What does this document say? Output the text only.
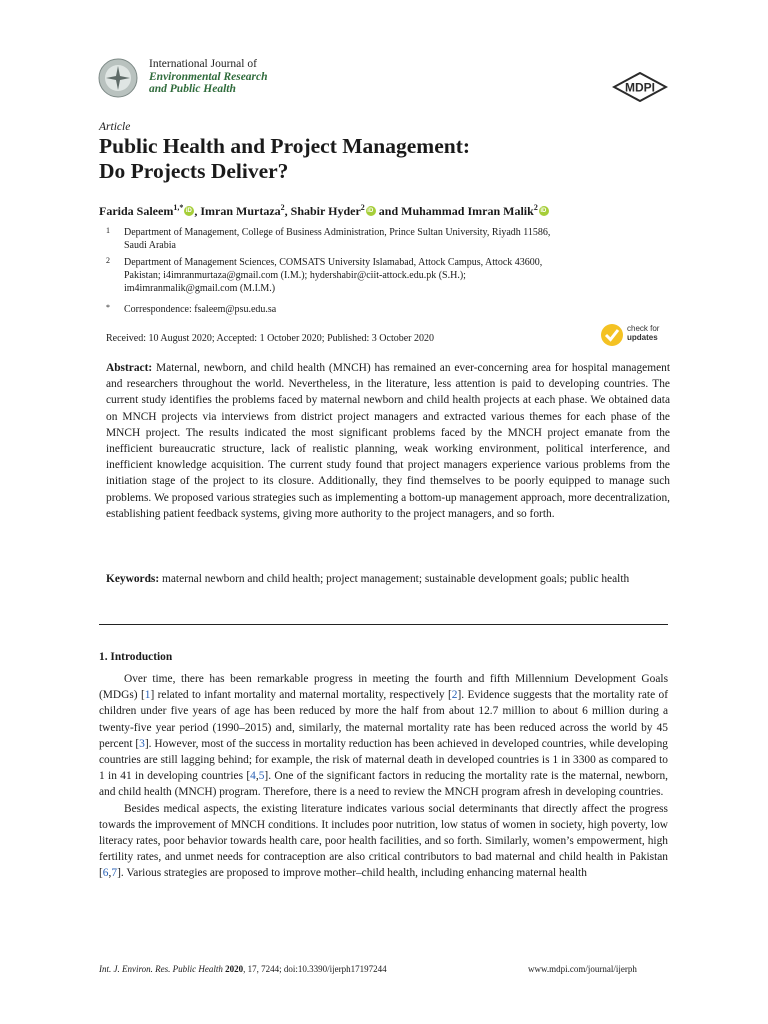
International Journal of
Environmental Research
and Public Health	MDPI
Article
Public Health and Project Management:
Do Projects Deliver?
Farida Saleem$^{1,*}$iD , Imran Murtaza$^2$, Shabir Hyder$^2$iD and Muhammad Imran Malik$^2$iD
1 Department of Management, College of Business Administration, Prince Sultan University, Riyadh 11586,
Saudi Arabia
2 Department of Management Sciences, COMSATS University Islamabad, Attock Campus, Attock 43600,
Pakistan; i4imranmurtaza@gmail.com (I.M.); hydershabir@ciit-attock.edu.pk (S.H.);
im4imranmalik@gmail.com (M.I.M.)
* Correspondence: fsaleem@psu.edu.sa
Received: 10 August 2020; Accepted: 1 October 2020; Published: 3 October 2020
check for
updates
Abstract: Maternal, newborn, and child health (MNCH) has remained an ever-concerning area for hospital management and researchers throughout the world. Nevertheless, in the literature, less attention is paid to developing countries. The current study identifies the problems faced by maternal newborn and child health projects at each phase. We obtained data on MNCH projects via interviews from district project managers and extracted various themes for each phase of the MNCH project. The results indicated the most significant problems faced by the MNCH project emanate from the inefficient bureaucratic structure, lack of realistic planning, weak working environment, political interference, and inefficient knowledge acquisition. The current study found that project managers experience various problems from the initiation stage of the project to its closure. Additionally, they find themselves to be poorly equipped to manage such problems. We proposed various strategies such as implementing a bottom-up management approach, more decentralization, establishing patient feedback systems, giving more authority to the project managers, and so forth.
Keywords: maternal newborn and child health; project management; sustainable development goals; public health
1. Introduction

Over time, there has been remarkable progress in meeting the fourth and fifth Millennium Development Goals (MDGs) [1] related to infant mortality and maternal mortality, respectively [2]. Evidence suggests that the mortality rate of children under five years of age has been reduced by more the half from about 12.7 million to about 6 million during a twenty-five year period (1990–2015) and, similarly, the maternal mortality rate has been reduced across the world by 45 percent [3]. However, most of the success in mortality reduction has been achieved in developed countries, while developing countries are still lagging behind; for example, the risk of maternal death in developed countries is 1 in 3300 as compared to 1 in 41 in developing countries [4,5]. One of the significant factors in reducing the mortality rate is the maternal, newborn, and child health (MNCH) program. Therefore, there is a need to review the MNCH program afresh in developing countries.

Besides medical aspects, the existing literature indicates various social determinants that directly affect the progress towards the improvement of MNCH conditions. It includes poor nutrition, low status of women in society, high poverty, low literacy rates, poor behavior towards health care, poor health facilities, and so forth. Similarly, women’s empowerment, high fertility rates, and unmet needs for contraception are also critical contributors to bad maternal and child health in Pakistan [6,7]. Various strategies are proposed to improve mother–child health, including enhancing maternal health

Int. J. Environ. Res. Public Health 2020, 17, 7244; doi:10.3390/ijerph17197244	www.mdpi.com/journal/ijerph
